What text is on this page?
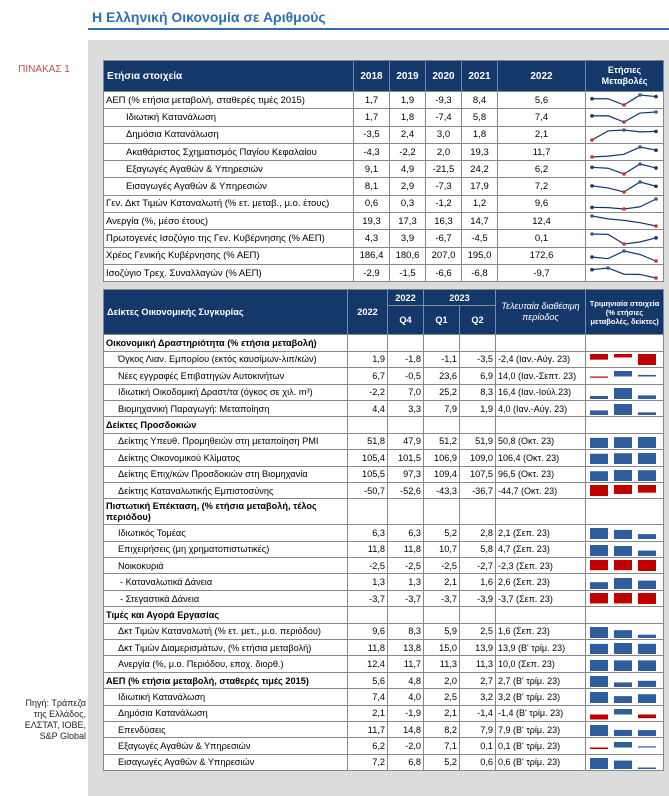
Η Ελληνική Οικονομία σε Αριθμούς
ΠΙΝΑΚΑΣ 1
Πηγή: Τράπεζα
της Ελλάδος,
ΕΛΣΤΑΤ, ΙΟΒΕ,
S&P Global
Ετήσια στοιχεία	2018	2019	2020	2021	2022	Ετήσιες Μεταβολές
ΑΕΠ (% ετήσια μεταβολή, σταθερές τιμές 2015)	1,7	1,9	-9,3	8,4	5,6	

Ιδιωτική Κατανάλωση	1,7	1,8	-7,4	5,8	7,4	

Δημόσια Κατανάλωση	-3,5	2,4	3,0	1,8	2,1	

Ακαθάριστος Σχηματισμός Παγίου Κεφαλαίου	-4,3	-2,2	2,0	19,3	11,7	

Εξαγωγές Αγαθών & Υπηρεσιών	9,1	4,9	-21,5	24,2	6,2	

Εισαγωγές Αγαθών & Υπηρεσιών	8,1	2,9	-7,3	17,9	7,2	

Γεν. Δκτ Τιμών Καταναλωτή (% ετ. μεταβ., μ.ο. έτους)	0,6	0,3	-1,2	1,2	9,6	

Ανεργία (%, μέσο έτους)	19,3	17,3	16,3	14,7	12,4	

Πρωτογενές Ισοζύγιο της Γεν. Κυβέρνησης (% ΑΕΠ)	4,3	3,9	-6,7	-4,5	0,1	

Χρέος Γενικής Κυβέρνησης (% ΑΕΠ)	186,4	180,6	207,0	195,0	172,6	

Ισοζύγιο Τρεχ. Συναλλαγών (% ΑΕΠ)	-2,9	-1,5	-6,6	-6,8	-9,7	
Δείκτες Οικονομικής Συγκυρίας	2022	2022	2023		Τελευταία διαθέσιμη περίοδος	Τριμηνιαία στοιχεία (% ετήσιες μεταβολές, δείκτες)
		Q4	Q1	Q2		
Οικονομική Δραστηριότητα (% ετήσια μεταβολή)						
Όγκος Λιαν. Εμπορίου (εκτός καυσίμων-λιπ/κών)	1,9	-1,8	-1,1	-3,5	-2,4 (Ιαν.-Αύγ. 23)	

Νέες εγγραφές Επιβατηγών Αυτοκινήτων	6,7	-0,5	23,6	6,9	14,0 (Ιαν.-Σεπτ. 23)	

Ιδιωτική Οικοδομική Δραστ/τα (όγκος σε χιλ. m³)	-2,2	7,0	25,2	8,3	16,4 (Ιαν.-Ιούλ.23)	

Βιομηχανική Παραγωγή: Μεταποίηση	4,4	3,3	7,9	1,9	4,0 (Ιαν.-Αύγ. 23)	

Δείκτες Προσδοκιών						
Δείκτης Υπευθ. Προμηθειών στη μεταποίηση PMI	51,8	47,9	51,2	51,9	50,8 (Οκτ. 23)	

Δείκτης Οικονομικού Κλίματος	105,4	101,5	106,9	109,0	106,4 (Οκτ. 23)	

Δείκτης Επιχ/κών Προσδοκιών στη Βιομηχανία	105,5	97,3	109,4	107,5	96,5 (Οκτ. 23)	

Δείκτης Καταναλωτικής Εμπιστοσύνης	-50,7	-52,6	-43,3	-36,7	-44,7 (Οκτ. 23)	

Πιστωτική Επέκταση, (% ετήσια μεταβολή, τέλος περιόδου)						
Ιδιωτικός Τομέας	6,3	6,3	5,2	2,8	2,1 (Σεπ. 23)	

Επιχειρήσεις (μη χρηματοπιστωτικές)	11,8	11,8	10,7	5,8	4,7 (Σεπ. 23)	

Νοικοκυριά	-2,5	-2,5	-2,5	-2,7	-2,3 (Σεπ. 23)	

- Καταναλωτικά Δάνεια	1,3	1,3	2,1	1,6	2,6 (Σεπ. 23)	

- Στεγαστικά Δάνεια	-3,7	-3,7	-3,7	-3,9	-3,7 (Σεπ. 23)	

Τιμές και Αγορά Εργασίας						
Δκτ Τιμών Καταναλωτή (% ετ. μετ., μ.ο. περιόδου)	9,6	8,3	5,9	2,5	1,6 (Σεπ. 23)	

Δκτ Τιμών Διαμερισμάτων, (% ετήσια μεταβολή)	11,8	13,8	15,0	13,9	13,9 (Β' τρίμ. 23)	

Ανεργία (%, μ.ο. Περιόδου, εποχ. διορθ.)	12,4	11,7	11,3	11,3	10,0 (Σεπ. 23)	

ΑΕΠ (% ετήσια μεταβολή, σταθερές τιμές 2015)	5,6	4,8	2,0	2,7	2,7 (Β' τρίμ. 23)	

Ιδιωτική Κατανάλωση	7,4	4,0	2,5	3,2	3,2 (Β' τρίμ. 23)	

Δημόσια Κατανάλωση	2,1	-1,9	2,1	-1,4	-1,4 (Β' τρίμ. 23)	

Επενδύσεις	11,7	14,8	8,2	7,9	7,9 (Β' τρίμ. 23)	

Εξαγωγές Αγαθών & Υπηρεσιών	6,2	-2,0	7,1	0,1	0,1 (Β' τρίμ. 23)	

Εισαγωγές Αγαθών & Υπηρεσιών	7,2	6,8	5,2	0,6	0,6 (Β' τρίμ. 23)	
